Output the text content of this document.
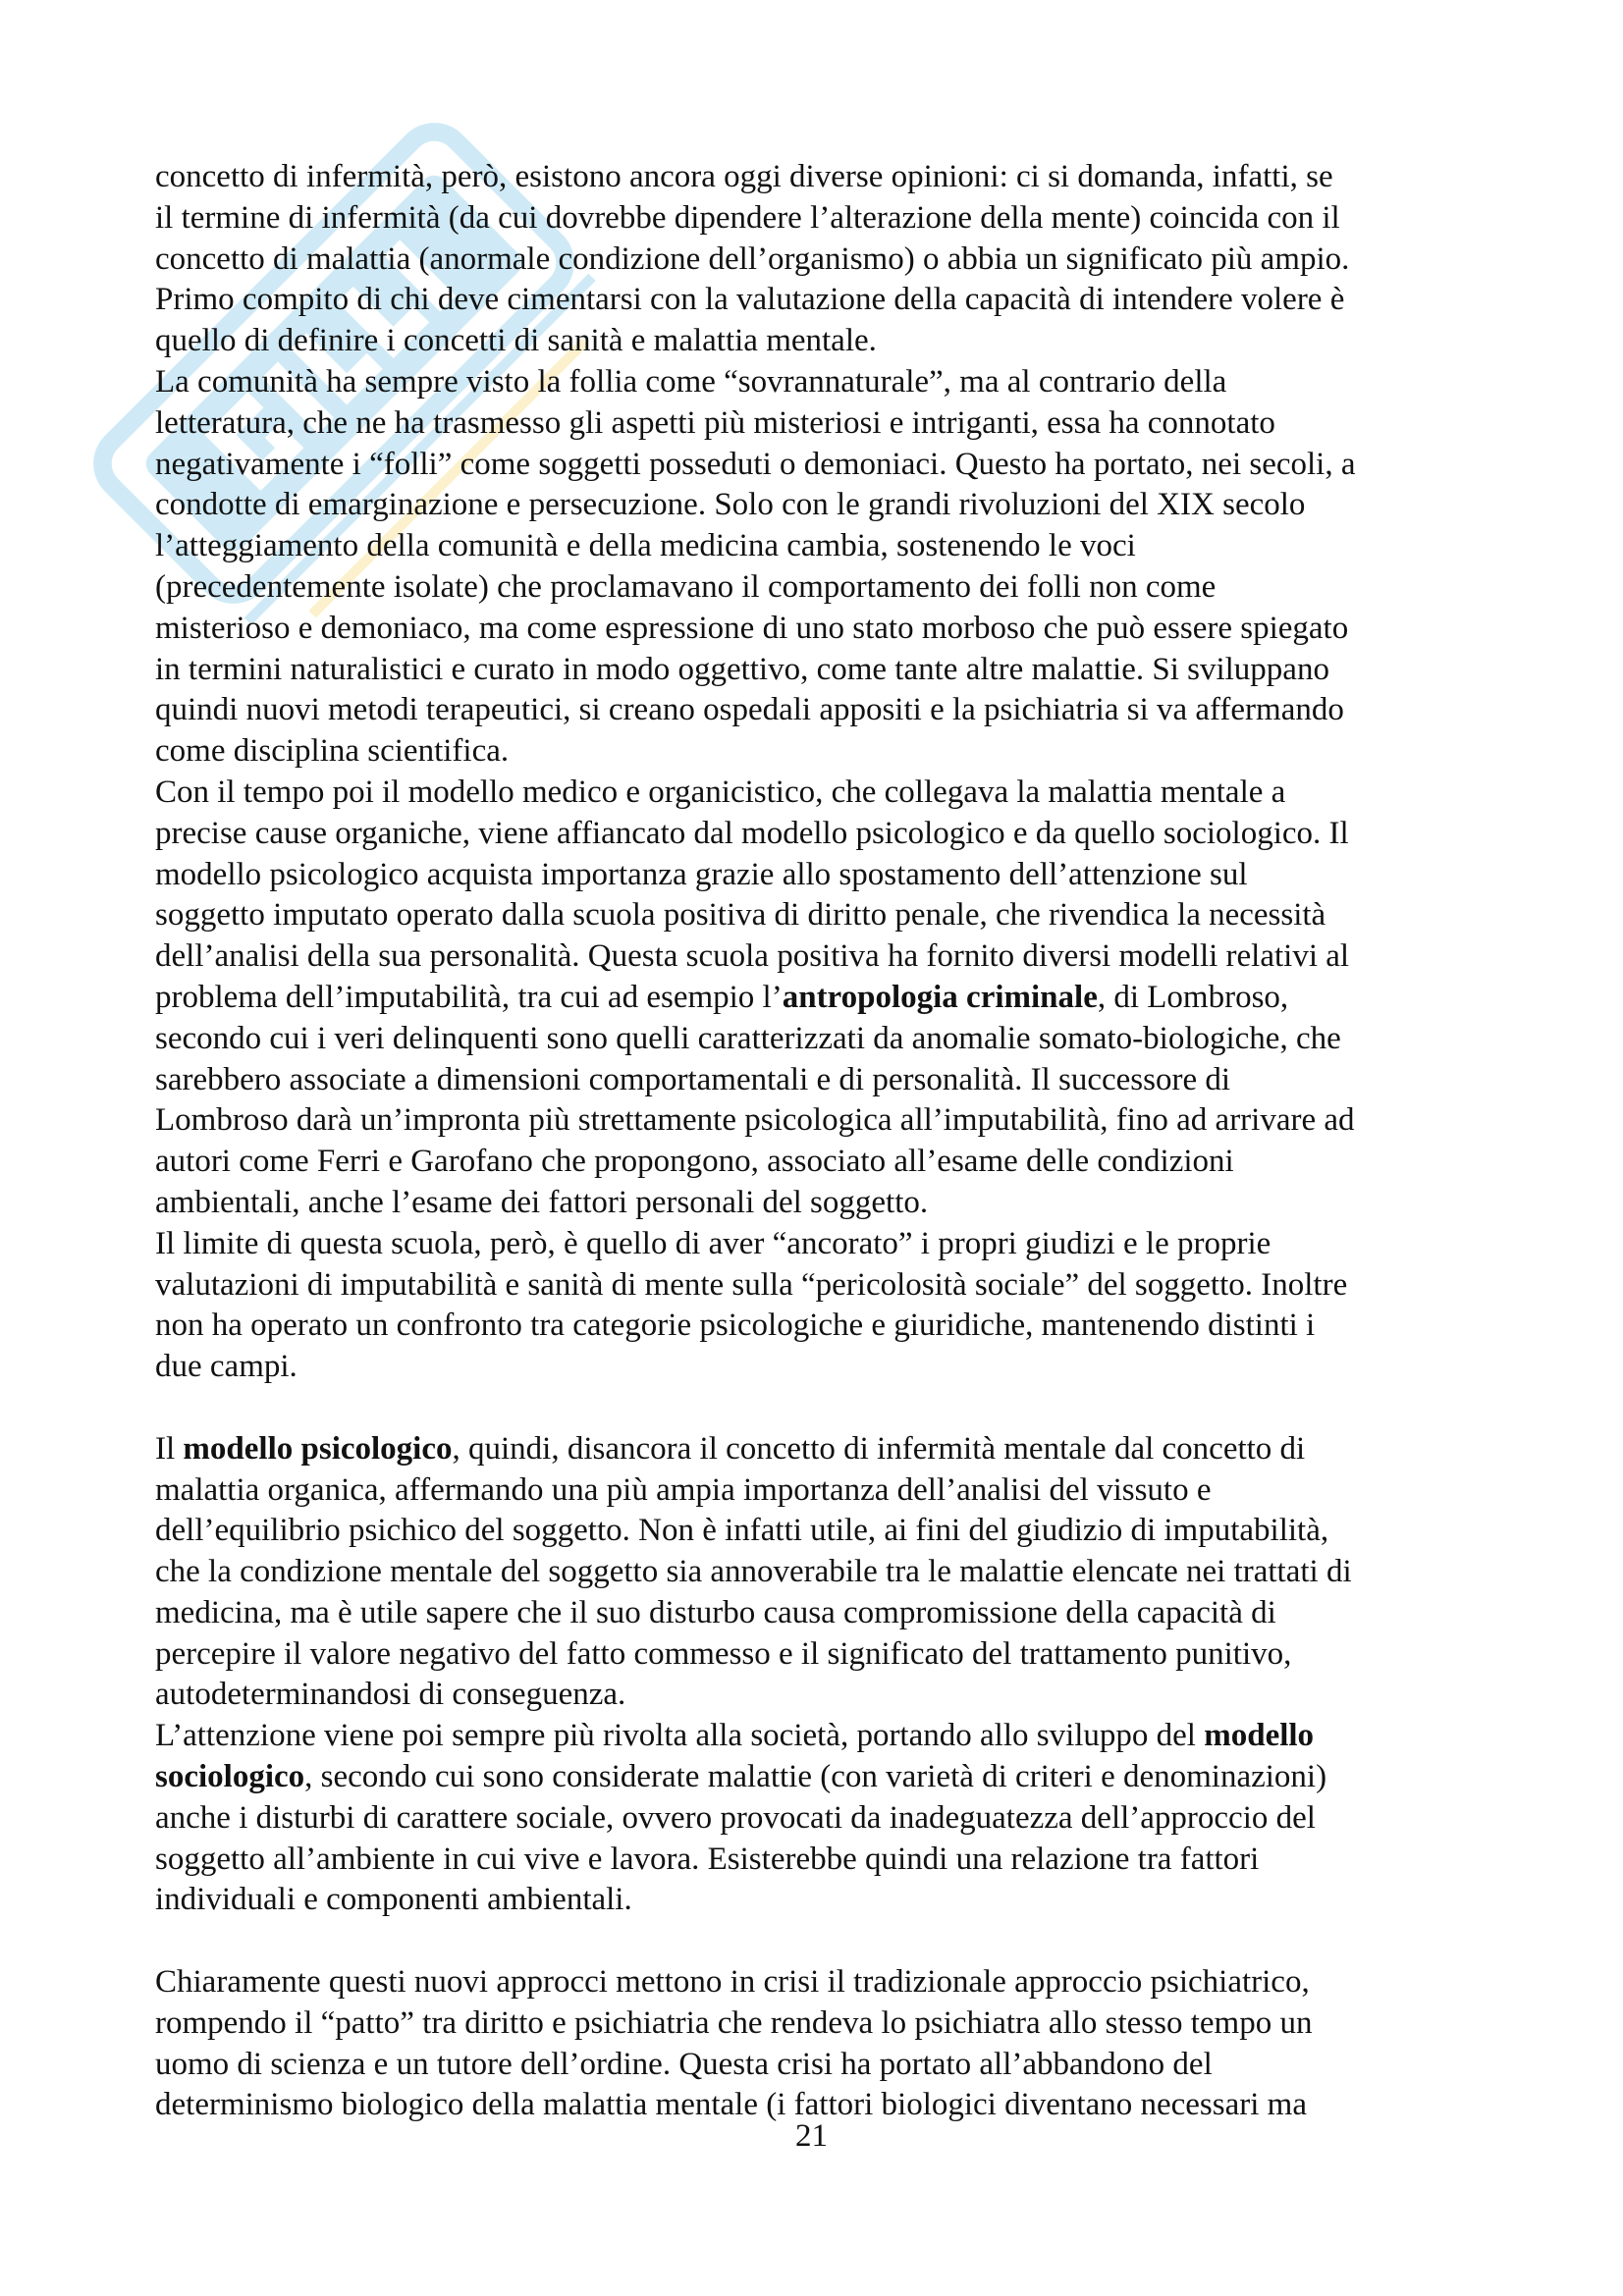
concetto di infermità, però, esistono ancora oggi diverse opinioni: ci si domanda, infatti, se
il termine di infermità (da cui dovrebbe dipendere l’alterazione della mente) coincida con il
concetto di malattia (anormale condizione dell’organismo) o abbia un significato più ampio.
Primo compito di chi deve cimentarsi con la valutazione della capacità di intendere volere è
quello di definire i concetti di sanità e malattia mentale.

La comunità ha sempre visto la follia come “sovrannaturale”, ma al contrario della
letteratura, che ne ha trasmesso gli aspetti più misteriosi e intriganti, essa ha connotato
negativamente i “folli” come soggetti posseduti o demoniaci. Questo ha portato, nei secoli, a
condotte di emarginazione e persecuzione. Solo con le grandi rivoluzioni del XIX secolo
l’atteggiamento della comunità e della medicina cambia, sostenendo le voci
(precedentemente isolate) che proclamavano il comportamento dei folli non come
misterioso e demoniaco, ma come espressione di uno stato morboso che può essere spiegato
in termini naturalistici e curato in modo oggettivo, come tante altre malattie. Si sviluppano
quindi nuovi metodi terapeutici, si creano ospedali appositi e la psichiatria si va affermando
come disciplina scientifica.

Con il tempo poi il modello medico e organicistico, che collegava la malattia mentale a
precise cause organiche, viene affiancato dal modello psicologico e da quello sociologico. Il
modello psicologico acquista importanza grazie allo spostamento dell’attenzione sul
soggetto imputato operato dalla scuola positiva di diritto penale, che rivendica la necessità
dell’analisi della sua personalità. Questa scuola positiva ha fornito diversi modelli relativi al
problema dell’imputabilità, tra cui ad esempio l’antropologia criminale, di Lombroso,
secondo cui i veri delinquenti sono quelli caratterizzati da anomalie somato-biologiche, che
sarebbero associate a dimensioni comportamentali e di personalità. Il successore di
Lombroso darà un’impronta più strettamente psicologica all’imputabilità, fino ad arrivare ad
autori come Ferri e Garofano che propongono, associato all’esame delle condizioni
ambientali, anche l’esame dei fattori personali del soggetto.

Il limite di questa scuola, però, è quello di aver “ancorato” i propri giudizi e le proprie
valutazioni di imputabilità e sanità di mente sulla “pericolosità sociale” del soggetto. Inoltre
non ha operato un confronto tra categorie psicologiche e giuridiche, mantenendo distinti i
due campi.

Il modello psicologico, quindi, disancora il concetto di infermità mentale dal concetto di
malattia organica, affermando una più ampia importanza dell’analisi del vissuto e
dell’equilibrio psichico del soggetto. Non è infatti utile, ai fini del giudizio di imputabilità,
che la condizione mentale del soggetto sia annoverabile tra le malattie elencate nei trattati di
medicina, ma è utile sapere che il suo disturbo causa compromissione della capacità di
percepire il valore negativo del fatto commesso e il significato del trattamento punitivo,
autodeterminandosi di conseguenza.

L’attenzione viene poi sempre più rivolta alla società, portando allo sviluppo del modello
sociologico, secondo cui sono considerate malattie (con varietà di criteri e denominazioni)
anche i disturbi di carattere sociale, ovvero provocati da inadeguatezza dell’approccio del
soggetto all’ambiente in cui vive e lavora. Esisterebbe quindi una relazione tra fattori
individuali e componenti ambientali.

Chiaramente questi nuovi approcci mettono in crisi il tradizionale approccio psichiatrico,
rompendo il “patto” tra diritto e psichiatria che rendeva lo psichiatra allo stesso tempo un
uomo di scienza e un tutore dell’ordine. Questa crisi ha portato all’abbandono del
determinismo biologico della malattia mentale (i fattori biologici diventano necessari ma

21
